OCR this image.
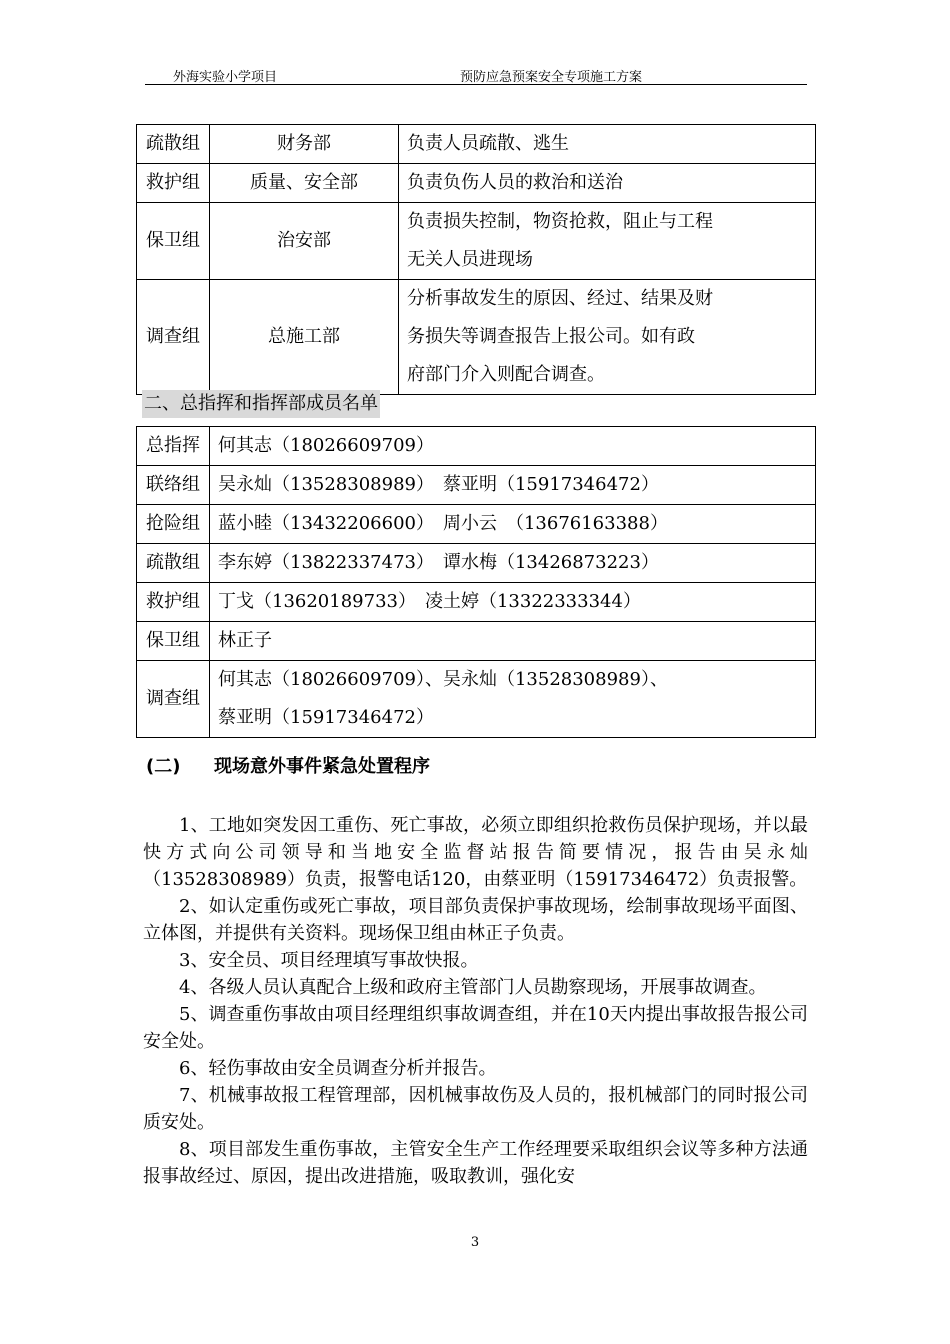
外海实验小学项目	预防应急预案安全专项施工方案
疏散组	财务部	负责人员疏散、逃生
救护组	质量、安全部	负责负伤人员的救治和送治
保卫组	治安部	负责损失控制，物资抢救，阻止与工程
无关人员进现场

调查组	总施工部	分析事故发生的原因、经过、结果及财
务损失等调查报告上报公司。如有政
府部门介入则配合调查。
二、总指挥和指挥部成员名单
总指挥	何其志（18026609709）
联络组	吴永灿（13528308989）　蔡亚明（15917346472）
抢险组	蓝小睦（13432206600）　周小云　（13676163388）
疏散组	李东婷（13822337473）　谭水梅（13426873223）
救护组	丁戈（13620189733）　凌土婷（13322333344）
保卫组	林正子
调查组	何其志（18026609709）、吴永灿（13528308989）、
蔡亚明（15917346472）
(二) 现场意外事件紧急处置程序

1、工地如突发因工重伤、死亡事故，必须立即组织抢救伤员保护现场，并以最快方式向公司领导和当地安全监督站报告简要情况，报告由吴永灿（13528308989）负责，报警电话120，由蔡亚明（15917346472）负责报警。

2、如认定重伤或死亡事故，项目部负责保护事故现场，绘制事故现场平面图、立体图，并提供有关资料。现场保卫组由林正子负责。

3、安全员、项目经理填写事故快报。

4、各级人员认真配合上级和政府主管部门人员勘察现场，开展事故调查。

5、调查重伤事故由项目经理组织事故调查组，并在10天内提出事故报告报公司安全处。

6、轻伤事故由安全员调查分析并报告。

7、机械事故报工程管理部，因机械事故伤及人员的，报机械部门的同时报公司质安处。

8、项目部发生重伤事故，主管安全生产工作经理要采取组织会议等多种方法通报事故经过、原因，提出改进措施，吸取教训，强化安

3
